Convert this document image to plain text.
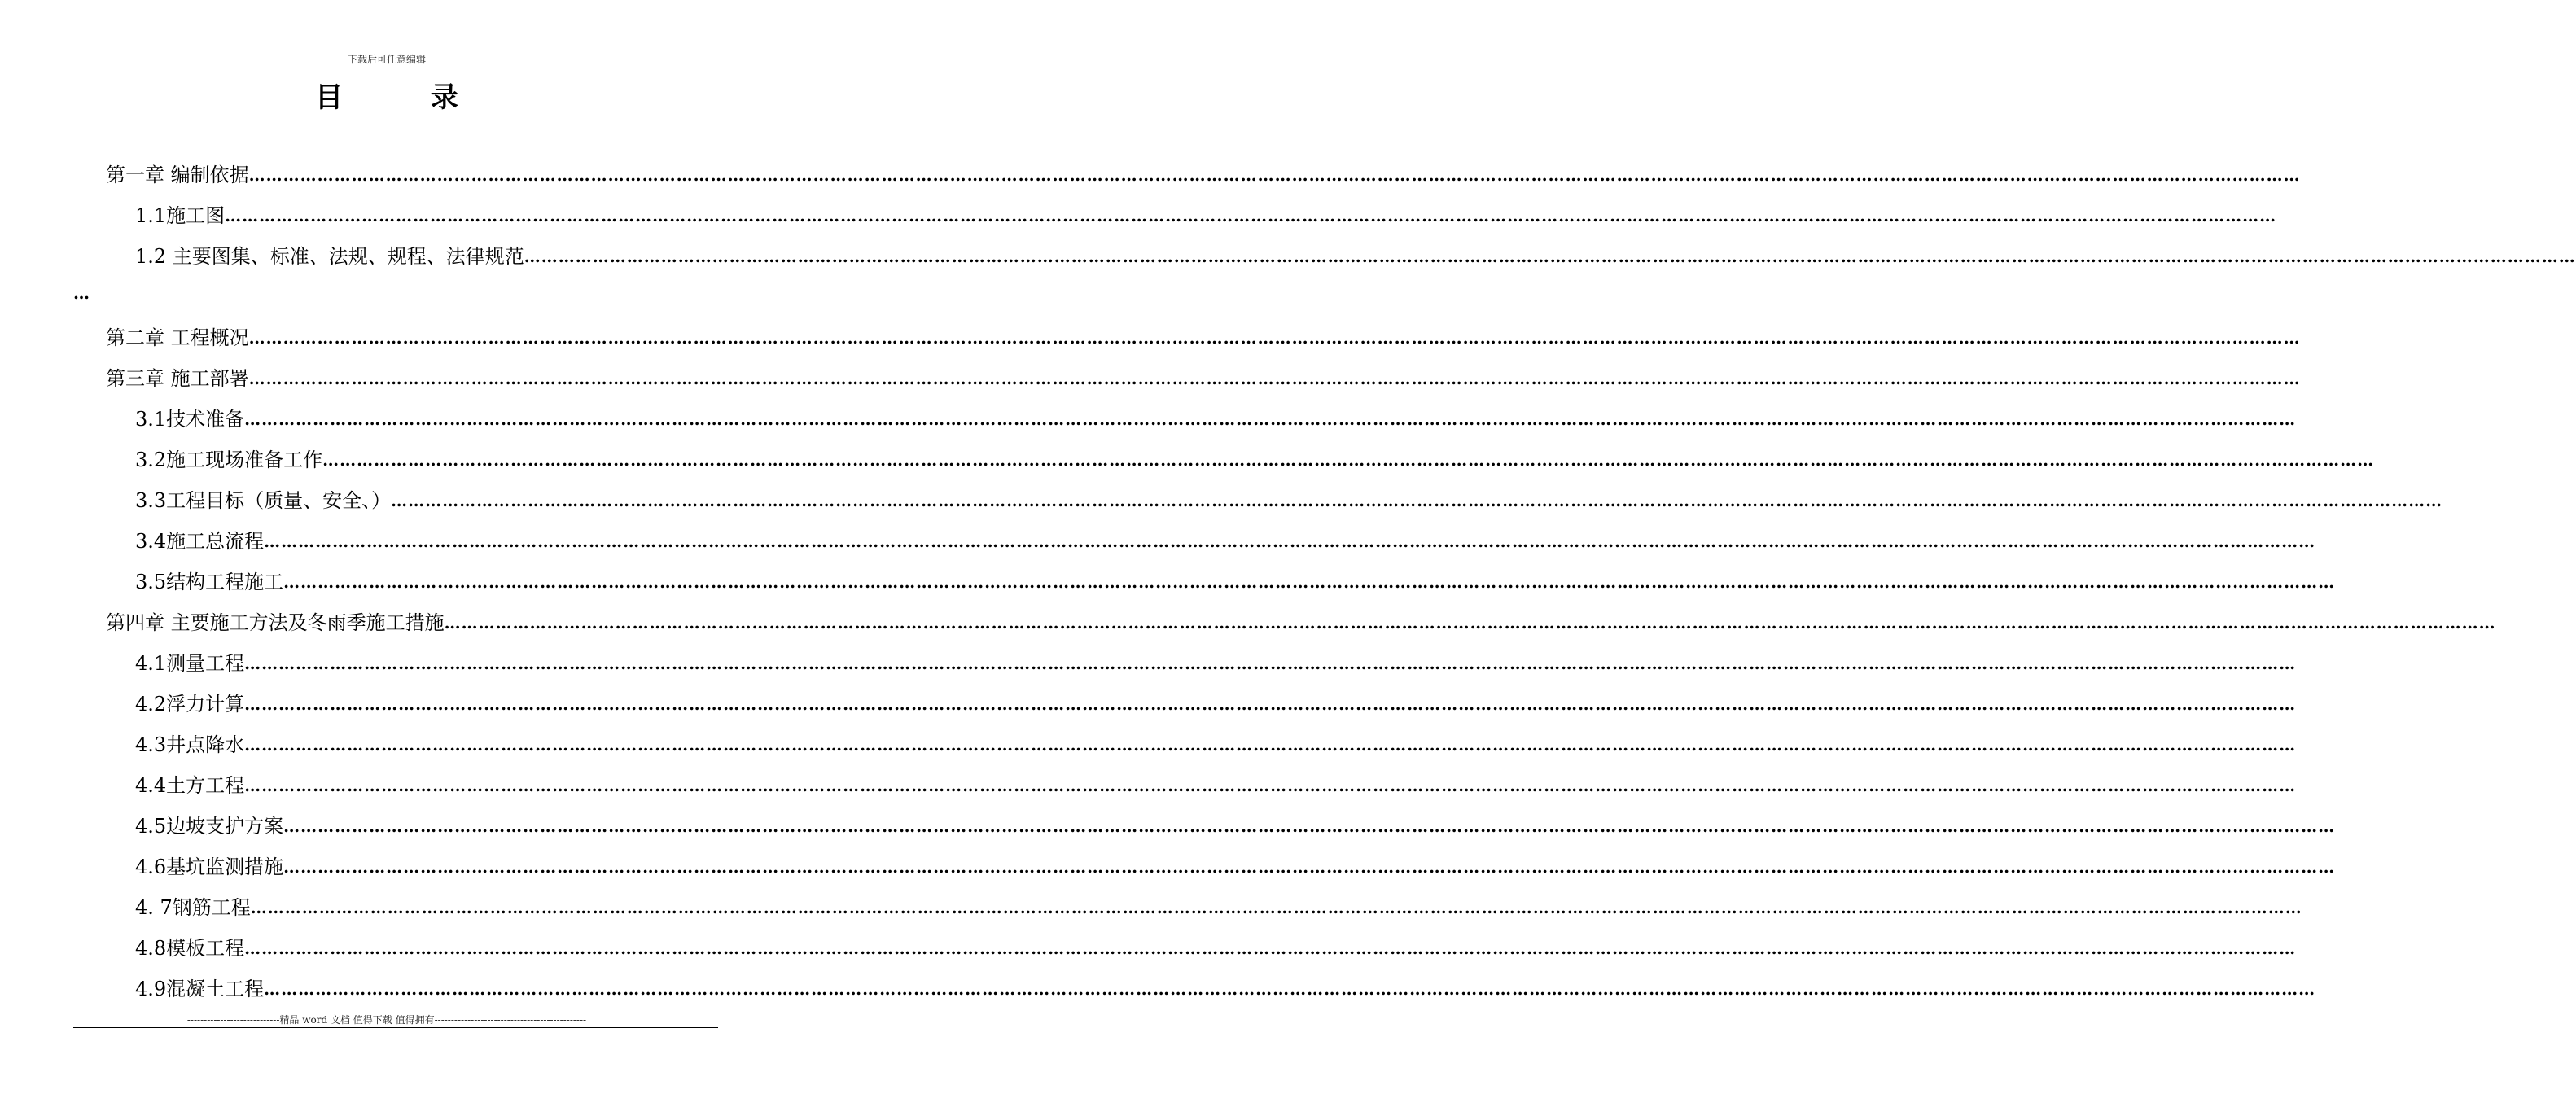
下载后可任意编辑
目 录
第一章 编制依据 ………………………………………………………………………………………………………………………………………………………………………………………………………………………………………………………………………………………………………………………………
1.1施工图 ………………………………………………………………………………………………………………………………………………………………………………………………………………………………………………………………………………………………………………………………
1.2 主要图集、标准、法规、规程、法律规范 ………………………………………………………………………………………………………………………………………………………………………………………………………………………………………………………………………………………………………………………………
第二章 工程概况 ………………………………………………………………………………………………………………………………………………………………………………………………………………………………………………………………………………………………………………………………
第三章 施工部署 ………………………………………………………………………………………………………………………………………………………………………………………………………………………………………………………………………………………………………………………………
3.1技术准备 ………………………………………………………………………………………………………………………………………………………………………………………………………………………………………………………………………………………………………………………………
3.2施工现场准备工作 ………………………………………………………………………………………………………………………………………………………………………………………………………………………………………………………………………………………………………………………………
3.3工程目标（质量、安全、） ………………………………………………………………………………………………………………………………………………………………………………………………………………………………………………………………………………………………………………………………
3.4施工总流程 ………………………………………………………………………………………………………………………………………………………………………………………………………………………………………………………………………………………………………………………………
3.5结构工程施工 ………………………………………………………………………………………………………………………………………………………………………………………………………………………………………………………………………………………………………………………………
第四章 主要施工方法及冬雨季施工措施 ………………………………………………………………………………………………………………………………………………………………………………………………………………………………………………………………………………………………………………………………
4.1测量工程 ………………………………………………………………………………………………………………………………………………………………………………………………………………………………………………………………………………………………………………………………
4.2浮力计算 ………………………………………………………………………………………………………………………………………………………………………………………………………………………………………………………………………………………………………………………………
4.3井点降水 ………………………………………………………………………………………………………………………………………………………………………………………………………………………………………………………………………………………………………………………………
4.4土方工程 ………………………………………………………………………………………………………………………………………………………………………………………………………………………………………………………………………………………………………………………………
4.5边坡支护方案 ………………………………………………………………………………………………………………………………………………………………………………………………………………………………………………………………………………………………………………………………
4.6基坑监测措施 ………………………………………………………………………………………………………………………………………………………………………………………………………………………………………………………………………………………………………………………………
4. 7钢筋工程 ………………………………………………………………………………………………………………………………………………………………………………………………………………………………………………………………………………………………………………………………
4.8模板工程 ………………………………………………………………………………………………………………………………………………………………………………………………………………………………………………………………………………………………………………………………
4.9混凝土工程 ………………………………………………………………………………………………………………………………………………………………………………………………………………………………………………………………………………………………………………………………
…
----------------------------精品 word 文档 值得下载 值得拥有----------------------------------------------
